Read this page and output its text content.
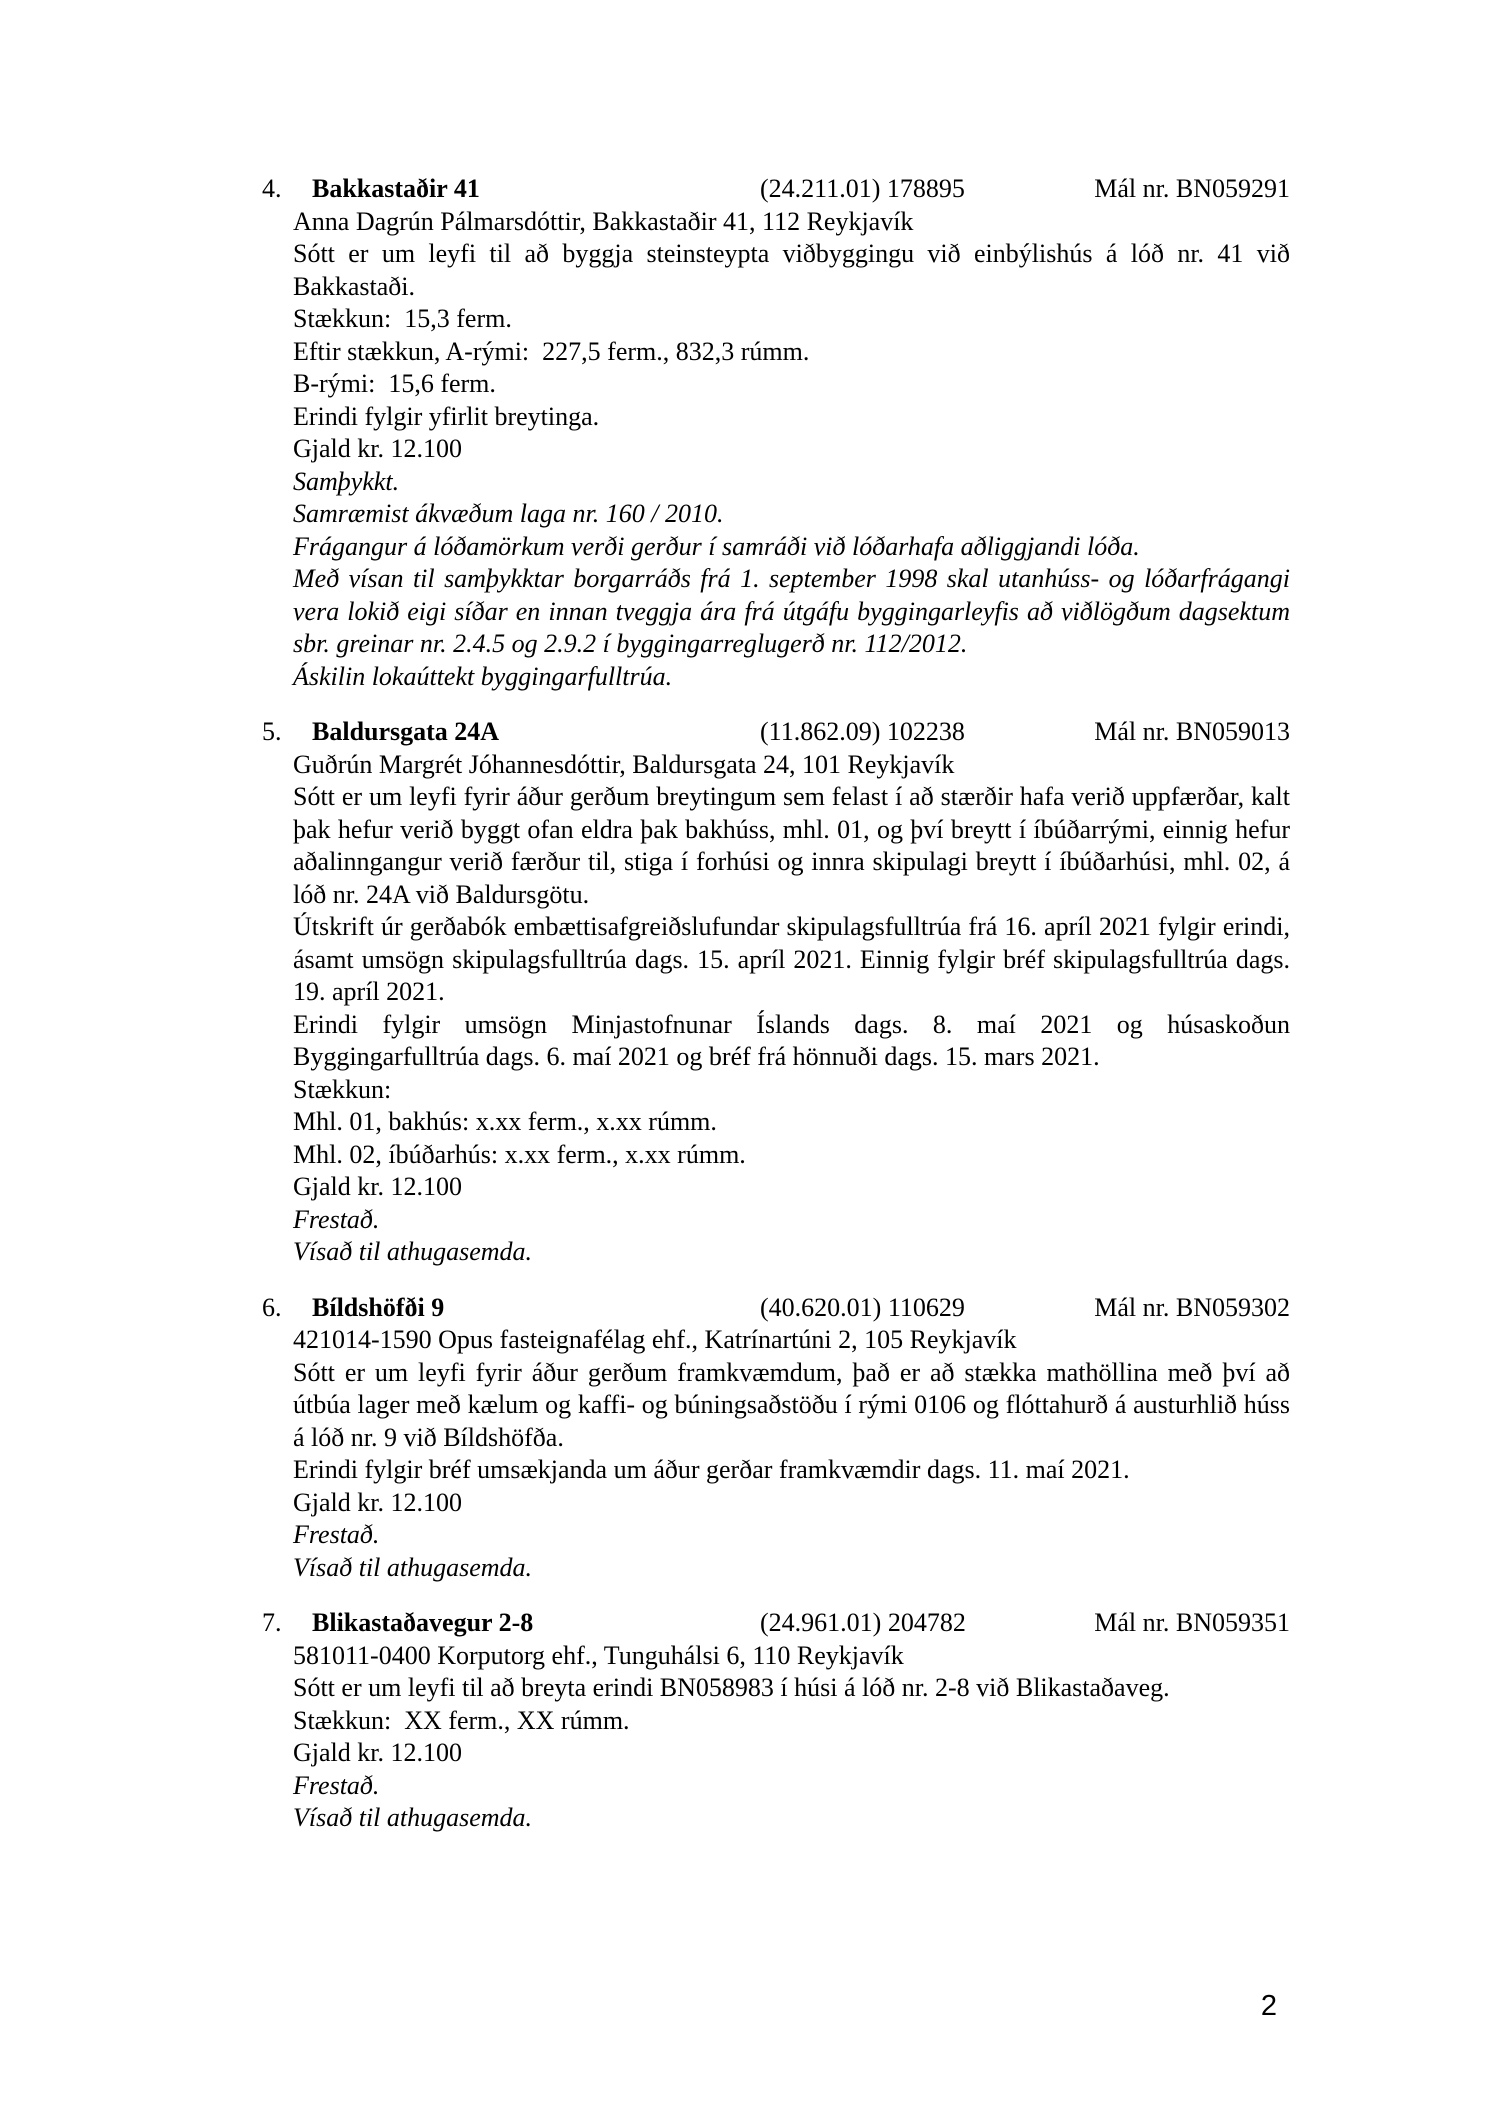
4.	Bakkastaðir 41	(24.211.01) 178895	Mál nr. BN059291
Anna Dagrún Pálmarsdóttir, Bakkastaðir 41, 112 Reykjavík

Sótt er um leyfi til að byggja steinsteypta viðbyggingu við einbýlishús á lóð nr. 41 við Bakkastaði.

Stækkun:  15,3 ferm.

Eftir stækkun, A-rými:  227,5 ferm., 832,3 rúmm.

B-rými:  15,6 ferm.

Erindi fylgir yfirlit breytinga.

Gjald kr. 12.100

Samþykkt.

Samræmist ákvæðum laga nr. 160 / 2010.

Frágangur á lóðamörkum verði gerður í samráði við lóðarhafa aðliggjandi lóða.

Með vísan til samþykktar borgarráðs frá 1. september 1998 skal utanhúss- og lóðarfrágangi vera lokið eigi síðar en innan tveggja ára frá útgáfu byggingarleyfis að viðlögðum dagsektum sbr. greinar nr. 2.4.5 og 2.9.2 í byggingarreglugerð nr. 112/2012.

Áskilin lokaúttekt byggingarfulltrúa.

5.	Baldursgata 24A	(11.862.09) 102238	Mál nr. BN059013
Guðrún Margrét Jóhannesdóttir, Baldursgata 24, 101 Reykjavík

Sótt er um leyfi fyrir áður gerðum breytingum sem felast í að stærðir hafa verið uppfærðar, kalt þak hefur verið byggt ofan eldra þak bakhúss, mhl. 01, og því breytt í íbúðarrými, einnig hefur aðalinngangur verið færður til, stiga í forhúsi og innra skipulagi breytt í íbúðarhúsi, mhl. 02, á lóð nr. 24A við Baldursgötu.

Útskrift úr gerðabók embættisafgreiðslufundar skipulagsfulltrúa frá 16. apríl 2021 fylgir erindi, ásamt umsögn skipulagsfulltrúa dags. 15. apríl 2021. Einnig fylgir bréf skipulagsfulltrúa dags. 19. apríl 2021.

Erindi fylgir umsögn Minjastofnunar Íslands dags. 8. maí 2021 og húsaskoðun Byggingarfulltrúa dags. 6. maí 2021 og bréf frá hönnuði dags. 15. mars 2021.

Stækkun:

Mhl. 01, bakhús: x.xx ferm., x.xx rúmm.

Mhl. 02, íbúðarhús: x.xx ferm., x.xx rúmm.

Gjald kr. 12.100

Frestað.

Vísað til athugasemda.

6.	Bíldshöfði 9	(40.620.01) 110629	Mál nr. BN059302
421014-1590 Opus fasteignafélag ehf., Katrínartúni 2, 105 Reykjavík

Sótt er um leyfi fyrir áður gerðum framkvæmdum, það er að stækka mathöllina með því að útbúa lager með kælum og kaffi- og búningsaðstöðu í rými 0106 og flóttahurð á austurhlið húss á lóð nr. 9 við Bíldshöfða.

Erindi fylgir bréf umsækjanda um áður gerðar framkvæmdir dags. 11. maí 2021.

Gjald kr. 12.100

Frestað.

Vísað til athugasemda.

7.	Blikastaðavegur 2-8	(24.961.01) 204782	Mál nr. BN059351
581011-0400 Korputorg ehf., Tunguhálsi 6, 110 Reykjavík

Sótt er um leyfi til að breyta erindi BN058983 í húsi á lóð nr. 2-8 við Blikastaðaveg.

Stækkun:  XX ferm., XX rúmm.

Gjald kr. 12.100

Frestað.

Vísað til athugasemda.

2
